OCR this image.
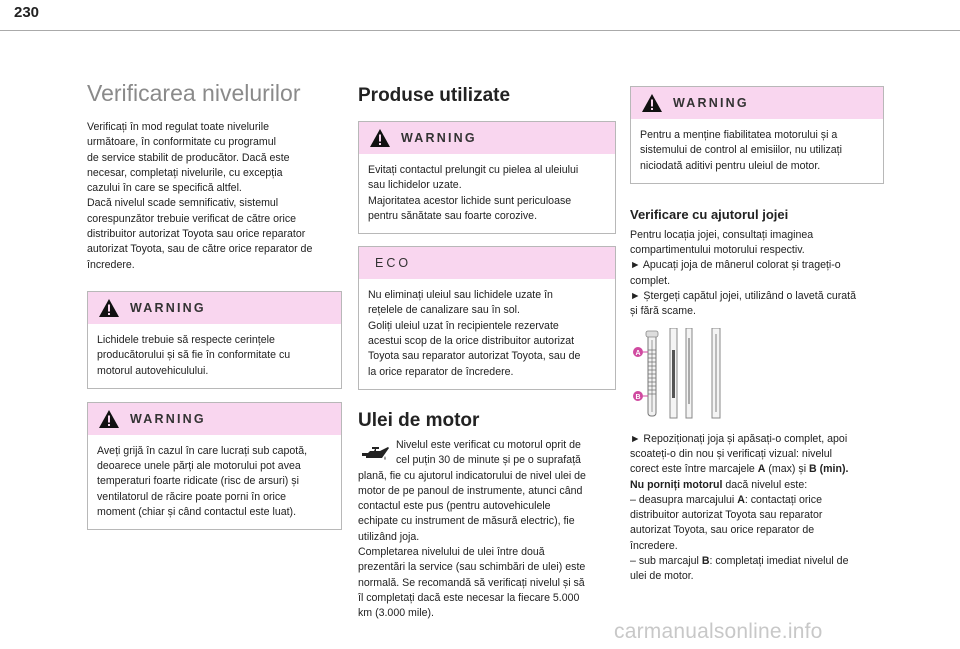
230
Verificarea nivelurilor
Verificați în mod regulat toate nivelurile
următoare, în conformitate cu programul
de service stabilit de producător. Dacă este
necesar, completați nivelurile, cu excepția
cazului în care se specifică altfel.
Dacă nivelul scade semnificativ, sistemul
corespunzător trebuie verificat de către orice
distribuitor autorizat Toyota sau orice reparator
autorizat Toyota, sau de către orice reparator de
încredere.
WARNING
Lichidele trebuie să respecte cerințele
producătorului și să fie în conformitate cu
motorul autovehiculului.
WARNING
Aveți grijă în cazul în care lucrați sub capotă,
deoarece unele părți ale motorului pot avea
temperaturi foarte ridicate (risc de arsuri) și
ventilatorul de răcire poate porni în orice
moment (chiar și când contactul este luat).
Produse utilizate
WARNING
Evitați contactul prelungit cu pielea al uleiului
sau lichidelor uzate.
Majoritatea acestor lichide sunt periculoase
pentru sănătate sau foarte corozive.
ECO
Nu eliminați uleiul sau lichidele uzate în
rețelele de canalizare sau în sol.
Goliți uleiul uzat în recipientele rezervate
acestui scop de la orice distribuitor autorizat
Toyota sau reparator autorizat Toyota, sau de
la orice reparator de încredere.
Ulei de motor
Nivelul este verificat cu motorul oprit de
cel puțin 30 de minute și pe o suprafață
plană, fie cu ajutorul indicatorului de nivel ulei de
motor de pe panoul de instrumente, atunci când
contactul este pus (pentru autovehiculele
echipate cu instrument de măsură electric), fie
utilizând joja.
Completarea nivelului de ulei între două
prezentări la service (sau schimbări de ulei) este
normală. Se recomandă să verificați nivelul și să
îl completați dacă este necesar la fiecare 5.000
km (3.000 mile).
WARNING
Pentru a menține fiabilitatea motorului și a
sistemului de control al emisiilor, nu utilizați
niciodată aditivi pentru uleiul de motor.
Verificare cu ajutorul jojei
Pentru locația jojei, consultați imaginea
compartimentului motorului respectiv.
► Apucați joja de mânerul colorat și trageți-o
complet.
► Ștergeți capătul jojei, utilizând o lavetă curată
și fără scame.
A
B
► Repoziționați joja și apăsați-o complet, apoi
scoateți-o din nou și verificați vizual: nivelul
corect este între marcajele A (max) și B (min).
Nu porniți motorul dacă nivelul este:
– deasupra marcajului A: contactați orice
distribuitor autorizat Toyota sau reparator
autorizat Toyota, sau orice reparator de
încredere.
– sub marcajul B: completați imediat nivelul de
ulei de motor.
carmanualsonline.info
